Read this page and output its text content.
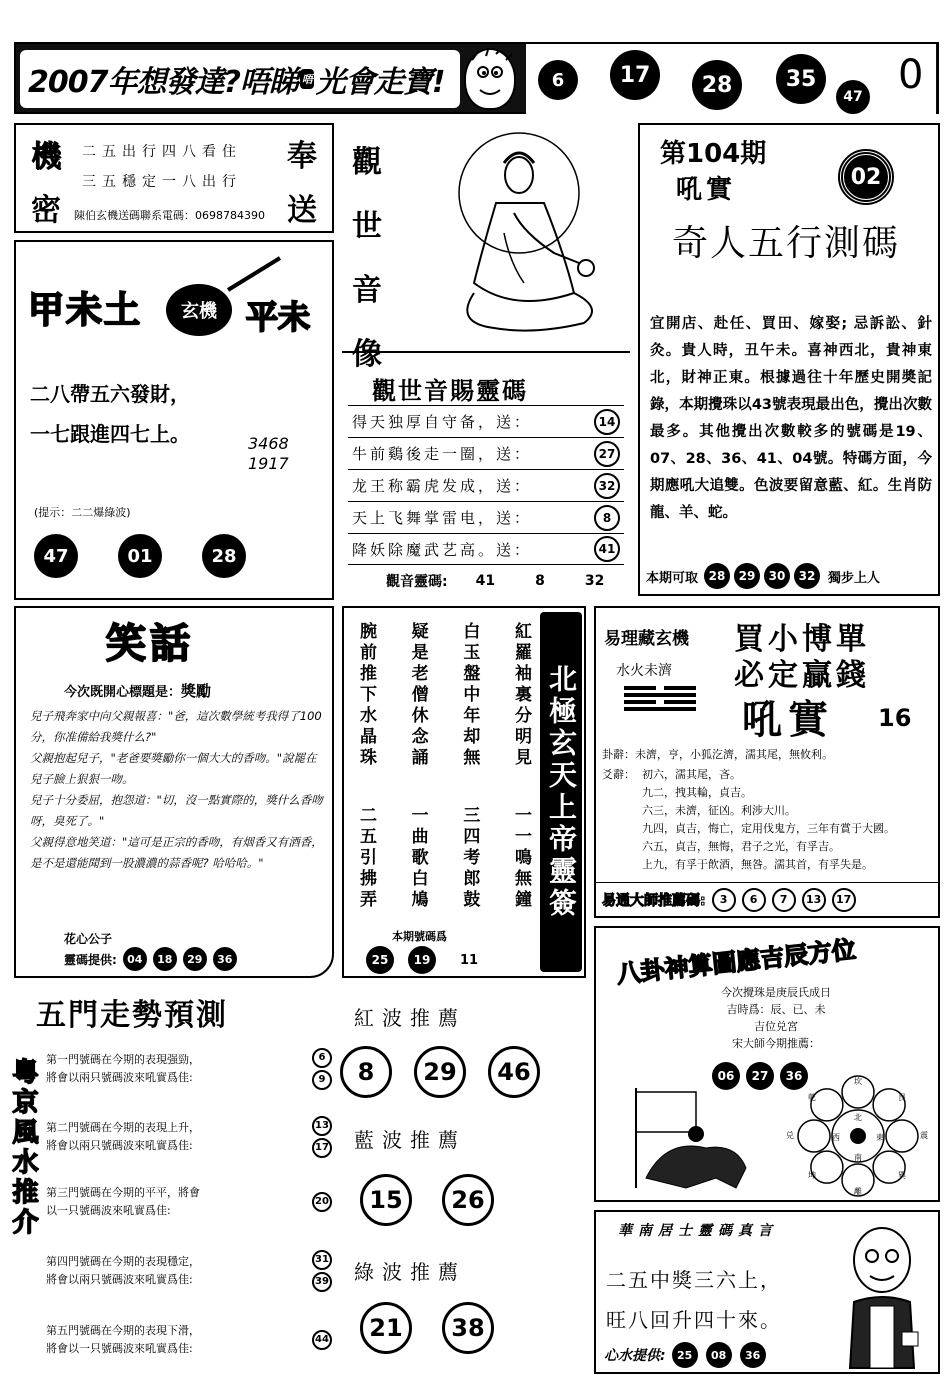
2007年想發達?唔睇 唔 光會走寶!	6	17	28	35
47 0
機
密
奉
送
二五出行四八看住
三五穩定一八出行
陳伯玄機送碼聯系電碼：0698784390
甲未土	玄機 平未
二八帶五六發財，
一七跟進四七上。	3468
1917
(提示：二二爆綠波)
47	01	28
觀
世
音
像
觀世音賜靈碼
得天独厚自守备，送：	14
牛前鷄後走一圈，送：	27
龙王称霸虎发成，送：	32
天上飞舞掌雷电，送：	8
降妖除魔武艺高。送：	41
觀音靈碼: 41	8	32
第104期
吼實	02
奇人五行測碼
宜開店、赴任、買田、嫁娶; 忌訴訟、針灸。貴人時，丑午未。喜神西北，貴神東北，財神正東。根據過往十年歷史開奬記錄，本期攪珠以43號表現最出色，攪出次數最多。其他攪出次數較多的號碼是19、07、28、36、41、04號。特碼方面，今期應吼大追雙。色波要留意藍、紅。生肖防龍、羊、蛇。
本期可取 28	29	30	32 獨步上人
笑話
今次既開心標題是： 獎勵

兒子飛奔家中向父親報喜："爸，這次數學統考我得了100分，你准備給我獎什么?"

父親抱起兒子，"老爸要獎勵你一個大大的香吻。"說罷在兒子臉上狠狠一吻。

兒子十分委屈，抱怨道："切，沒一點實際的，獎什么香吻呀，臭死了。"

父親得意地笑道："這可是正宗的香吻，有烟香又有酒香，是不是還能聞到一股濃濃的蒜香呢? 哈哈哈。"

花心公子
靈碼提供: 04	18	29	36
紅羅袖裏分明見
白玉盤中年却無
疑是老僧休念誦
腕前推下水晶珠
一一鳴無鐘
三四考郎鼓
一曲歌白鳩
二五引拂弄	北極玄天上帝靈簽
本期號碼爲
25	19	11
易理藏玄機
水火未濟
買小博單
必定贏錢
吼實 16
卦辭：未濟，亨，小狐汔濟，濡其尾，無攸利。
爻辭： 初六，濡其尾，吝。
九二，拽其輪，貞吉。
六三，未濟，征凶。利涉大川。
九四，貞吉，悔亡，定用伐鬼方，三年有賞于大國。
六五，貞吉，無悔，君子之光，有孚吉。
上九，有孚于飲酒，無咎。濡其首，有孚失是。
易通大師推薦碼:	3	6	7	13	17
五門走勢預測
粵京風水推介 第一門號碼在今期的表現强勁，
將會以兩只號碼波來吼實爲佳:
6
9
第二門號碼在今期的表現上升，
將會以兩只號碼波來吼實爲佳:
13
17
第三門號碼在今期的平平，將會
以一只號碼波來吼實爲佳:
20
第四門號碼在今期的表現穩定，
將會以兩只號碼波來吼實爲佳:
31
39
第五門號碼在今期的表現下滑，
將會以一只號碼波來吼實爲佳:
44
紅波推薦
8	29	46
藍波推薦
15	26
綠波推薦
21	38
八卦神算圖應吉辰方位
今次攪珠是庚辰氏成日
吉時爲：辰、已、未
吉位兑宮
宋大師今期推薦：
06	27	36	坎
艮
震
巽
離
坤
兑
乾
北
東
南
西
華南居士靈碼真言
二五中獎三六上，
旺八回升四十來。
心水提供:	25	08	36
